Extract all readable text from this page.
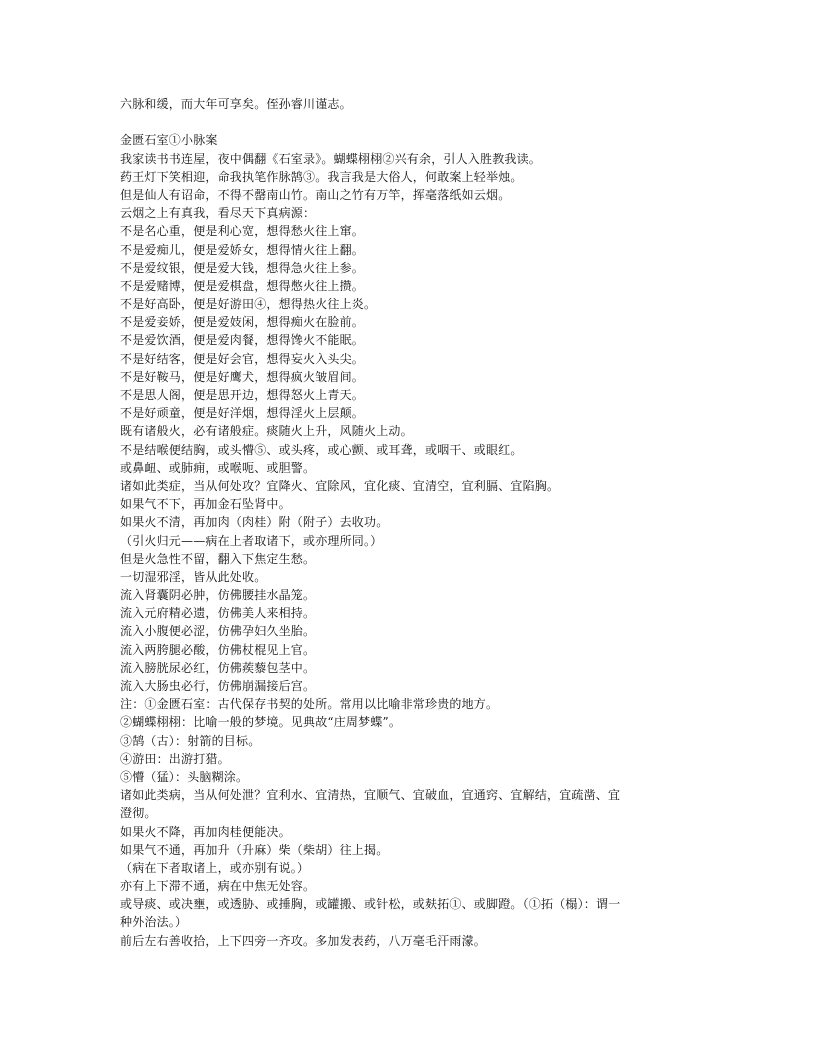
六脉和缓，而大年可享矣。侄孙睿川谨志。
金匮石室①小脉案
我家读书书连屋，夜中偶翻《石室录》。蝴蝶栩栩②兴有余，引人入胜教我读。
药王灯下笑相迎，命我执笔作脉鹄③。我言我是大俗人，何敢案上轻举烛。
但是仙人有诏命，不得不罄南山竹。南山之竹有万竿，挥毫落纸如云烟。
云烟之上有真我，看尽天下真病源：
不是名心重，便是利心宽，想得愁火往上窜。
不是爱痴儿，便是爱娇女，想得情火往上翻。
不是爱纹银，便是爱大钱，想得急火往上参。
不是爱赌博，便是爱棋盘，想得憋火往上攒。
不是好高卧，便是好游田④，想得热火往上炎。
不是爱妾娇，便是爱妓闲，想得痴火在脸前。
不是爱饮酒，便是爱肉餐，想得馋火不能眠。
不是好结客，便是好会官，想得妄火入头尖。
不是好鞍马，便是好鹰犬，想得疯火皱眉间。
不是思人阁，便是思开边，想得怒火上青天。
不是好顽童，便是好洋烟，想得淫火上层颠。
既有诸般火，必有诸般症。痰随火上升，风随火上动。
不是结喉便结胸，或头懵⑤、或头疼，或心颤、或耳聋，或咽干、或眼红。
或鼻衄、或肺痈，或喉呃、或胆警。
诸如此类症，当从何处攻？宜降火、宜除风，宜化痰、宜清空，宜利膈、宜陷胸。
如果气不下，再加金石坠肾中。
如果火不清，再加肉（肉桂）附（附子）去收功。
（引火归元——病在上者取诸下，或亦理所同。）
但是火急性不留，翻入下焦定生愁。
一切湿邪淫，皆从此处收。
流入肾囊阴必肿，仿佛腰挂水晶笼。
流入元府精必遗，仿佛美人来相持。
流入小腹便必涩，仿佛孕妇久坐胎。
流入两胯腿必酸，仿佛杖棍见上官。
流入膀胱尿必红，仿佛蒺藜包茎中。
流入大肠虫必行，仿佛崩漏接后宫。
注：①金匮石室：古代保存书契的处所。常用以比喻非常珍贵的地方。
②蝴蝶栩栩：比喻一般的梦境。见典故“庄周梦蝶”。
③鹄（古）：射箭的目标。
④游田：出游打猎。
⑤懵（猛）：头脑糊涂。
诸如此类病，当从何处泄？宜利水、宜清热，宜顺气、宜破血，宜通窍、宜解结，宜疏凿、宜
澄彻。
如果火不降，再加肉桂便能决。
如果气不通，再加升（升麻）柴（柴胡）往上揭。
（病在下者取诸上，或亦别有说。）
亦有上下滞不通，病在中焦无处容。
或导痰、或决壅，或透胁、或捶胸，或罐搬、或针松，或麸拓①、或脚蹬。（①拓（榻）：谓一
种外治法。）
前后左右善收拾，上下四旁一齐攻。多加发表药，八万毫毛汗雨濛。
